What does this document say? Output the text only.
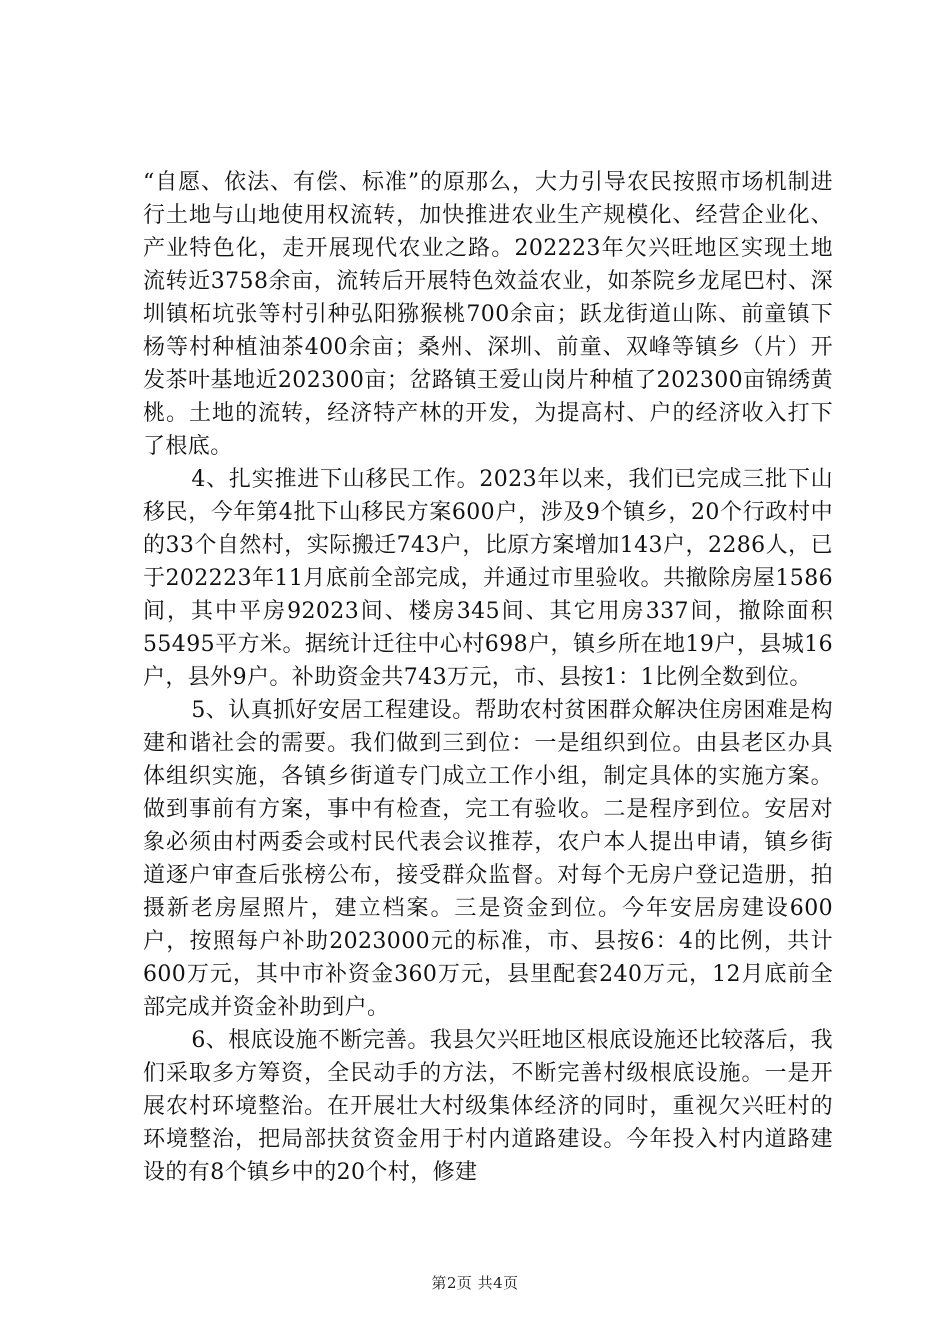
“自愿、依法、有偿、标准”的原那么，大力引导农民按照市场机制进行土地与山地使用权流转，加快推进农业生产规模化、经营企业化、产业特色化，走开展现代农业之路。202223年欠兴旺地区实现土地流转近3758余亩，流转后开展特色效益农业，如茶院乡龙尾巴村、深圳镇柘坑张等村引种弘阳猕猴桃700余亩；跃龙街道山陈、前童镇下杨等村种植油茶400余亩；桑州、深圳、前童、双峰等镇乡（片）开发茶叶基地近202300亩；岔路镇王爱山岗片种植了202300亩锦绣黄桃。土地的流转，经济特产林的开发，为提高村、户的经济收入打下了根底。

4、扎实推进下山移民工作。2023年以来，我们已完成三批下山移民，今年第4批下山移民方案600户，涉及9个镇乡，20个行政村中的33个自然村，实际搬迁743户，比原方案增加143户，2286人，已于202223年11月底前全部完成，并通过市里验收。共撤除房屋1586间，其中平房92023间、楼房345间、其它用房337间，撤除面积55495平方米。据统计迁往中心村698户，镇乡所在地19户，县城16户，县外9户。补助资金共743万元，市、县按1：1比例全数到位。

5、认真抓好安居工程建设。帮助农村贫困群众解决住房困难是构建和谐社会的需要。我们做到三到位：一是组织到位。由县老区办具体组织实施，各镇乡街道专门成立工作小组，制定具体的实施方案。做到事前有方案，事中有检查，完工有验收。二是程序到位。安居对象必须由村两委会或村民代表会议推荐，农户本人提出申请，镇乡街道逐户审查后张榜公布，接受群众监督。对每个无房户登记造册，拍摄新老房屋照片，建立档案。三是资金到位。今年安居房建设600户，按照每户补助2023000元的标准，市、县按6：4的比例，共计600万元，其中市补资金360万元，县里配套240万元，12月底前全部完成并资金补助到户。

6、根底设施不断完善。我县欠兴旺地区根底设施还比较落后，我们采取多方筹资，全民动手的方法，不断完善村级根底设施。一是开展农村环境整治。在开展壮大村级集体经济的同时，重视欠兴旺村的环境整治，把局部扶贫资金用于村内道路建设。今年投入村内道路建设的有8个镇乡中的20个村，修建

第2页 共4页
